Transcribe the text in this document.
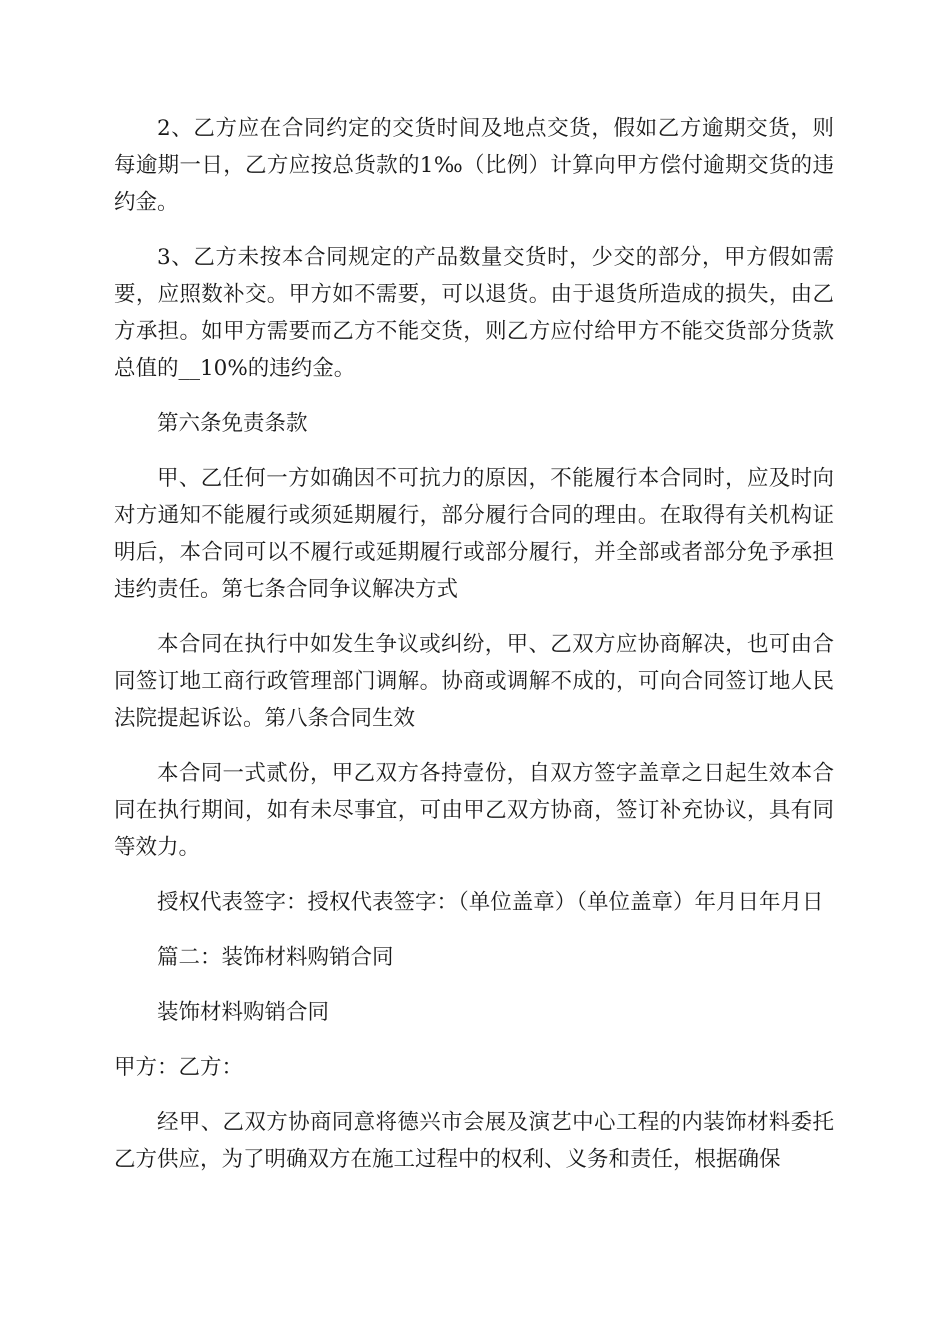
2、乙方应在合同约定的交货时间及地点交货，假如乙方逾期交货，则每逾期一日，乙方应按总货款的1‰（比例）计算向甲方偿付逾期交货的违约金。

3、乙方未按本合同规定的产品数量交货时，少交的部分，甲方假如需要，应照数补交。甲方如不需要，可以退货。由于退货所造成的损失，由乙方承担。如甲方需要而乙方不能交货，则乙方应付给甲方不能交货部分货款总值的__10%的违约金。

第六条免责条款

甲、乙任何一方如确因不可抗力的原因，不能履行本合同时，应及时向对方通知不能履行或须延期履行，部分履行合同的理由。在取得有关机构证明后，本合同可以不履行或延期履行或部分履行，并全部或者部分免予承担违约责任。第七条合同争议解决方式

本合同在执行中如发生争议或纠纷，甲、乙双方应协商解决，也可由合同签订地工商行政管理部门调解。协商或调解不成的，可向合同签订地人民法院提起诉讼。第八条合同生效

本合同一式贰份，甲乙双方各持壹份，自双方签字盖章之日起生效本合同在执行期间，如有未尽事宜，可由甲乙双方协商，签订补充协议，具有同等效力。

授权代表签字：授权代表签字：（单位盖章）（单位盖章）年月日年月日

篇二：装饰材料购销合同

装饰材料购销合同

甲方：乙方：

经甲、乙双方协商同意将德兴市会展及演艺中心工程的内装饰材料委托乙方供应，为了明确双方在施工过程中的权利、义务和责任，根据确保
